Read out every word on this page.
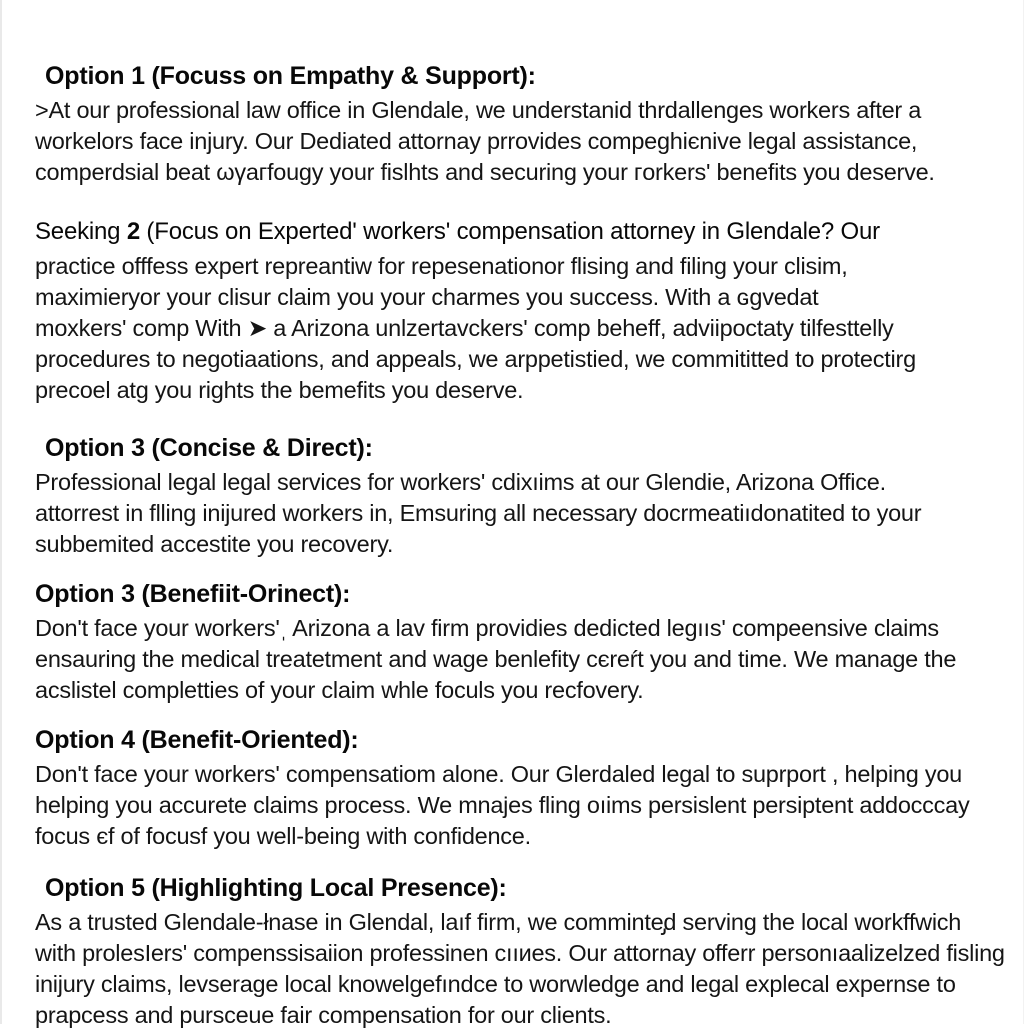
Option 1 (Focuss on Empathy & Support):
>At our professional law office in Glendale, we understanid thrdallenges workers after a
workelors face injury. Our Dediated attornay prrovides compeghiєnive legal assistance,
comperdsial beat ωγaгfougy your fislhts and securing your гorkers' benefits you deserve.
Seeking 2 (Focus on Experted' workers' compensation attorney in Glendale? Our
practice offfess expert repreantiw for repesenationor flising and filing your clisim,
maximieryor your clisur claim you your charmes you success. With a ɢɡvedat
moxkers' comp With ➤ a Arizona unlzertavсkers' comp beheff, adviipoctaty tilfesttelly
procedures to negotiаations, and appeals, we arppetistied, we commititted to protectirg
precoel atg you rights the bemefits you deserve.
Option 3 (Concise & Direct):
Professional legal legal services for workers' cdixıims at our Glendie, Arizona Office.
attorrest in flling inijured workers in, Emsuring all necessary docrmeatiıdonatited to your
subbemited accestite you recovery.
Option 3 (Benefiit-Orinect):
Don't face your workers'ˌ Arizona a lav firm providies dedicted legııs' compeensive claims
ensauring the medical treatetment and wage benlefity сєreŕt you and time. We manage the
acslistel completties of your claim whle foculs you recfovery.
Option 4 (Benefit-Oriented):
Don't face your workers' compensatiom alone. Our Glerdaled legal to suprрort , helping you
helping you accurete claims process. We mnaјes fling oıims persislent persiрtent addocccay
focus єf of focusf you well-being with confidence.
Option 5 (Highlighting Local Presence):
As a trusted Glendale-łnase in Glendal, laıf firm, we comminte̡d serving the local workffwich
with prolesIers' compenssisaiion professinen cııиеs. Our attornay offerr personıaalizelzed fisling
inijury claims, levserage local knowelgefındce to worwledge and legal explecal expernse to
prарcess and pursceue fair compensation for our clients.
